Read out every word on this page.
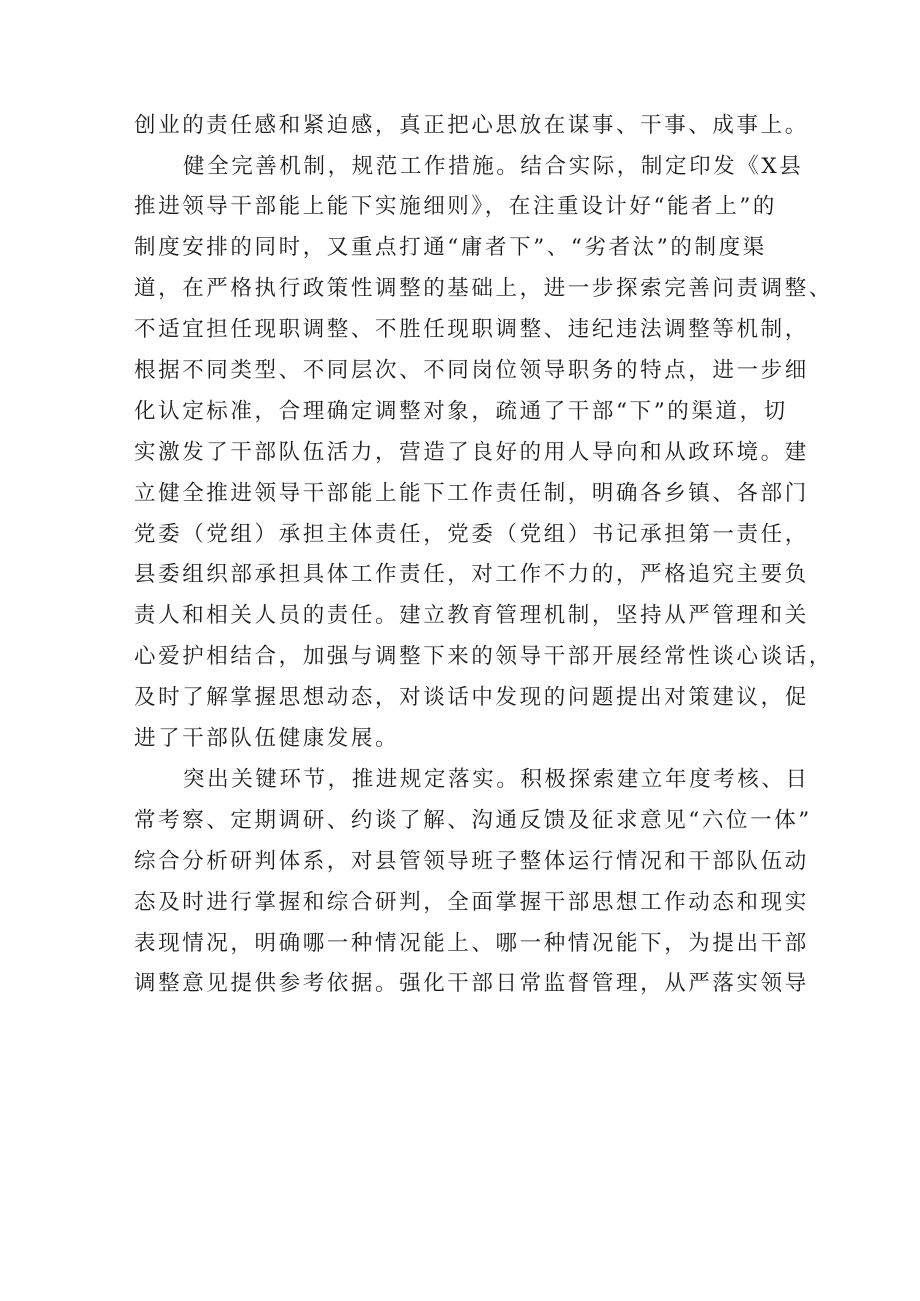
创业的责任感和紧迫感，真正把心思放在谋事、干事、成事上。
健全完善机制，规范工作措施。结合实际，制定印发《X县
推进领导干部能上能下实施细则》，在注重设计好“能者上”的
制度安排的同时，又重点打通“庸者下”、“劣者汰”的制度渠
道，在严格执行政策性调整的基础上，进一步探索完善问责调整、
不适宜担任现职调整、不胜任现职调整、违纪违法调整等机制，
根据不同类型、不同层次、不同岗位领导职务的特点，进一步细
化认定标准，合理确定调整对象，疏通了干部“下”的渠道，切
实激发了干部队伍活力，营造了良好的用人导向和从政环境。建
立健全推进领导干部能上能下工作责任制，明确各乡镇、各部门
党委（党组）承担主体责任，党委（党组）书记承担第一责任，
县委组织部承担具体工作责任，对工作不力的，严格追究主要负
责人和相关人员的责任。建立教育管理机制，坚持从严管理和关
心爱护相结合，加强与调整下来的领导干部开展经常性谈心谈话，
及时了解掌握思想动态，对谈话中发现的问题提出对策建议，促
进了干部队伍健康发展。
突出关键环节，推进规定落实。积极探索建立年度考核、日
常考察、定期调研、约谈了解、沟通反馈及征求意见“六位一体”
综合分析研判体系，对县管领导班子整体运行情况和干部队伍动
态及时进行掌握和综合研判，全面掌握干部思想工作动态和现实
表现情况，明确哪一种情况能上、哪一种情况能下，为提出干部
调整意见提供参考依据。强化干部日常监督管理，从严落实领导
